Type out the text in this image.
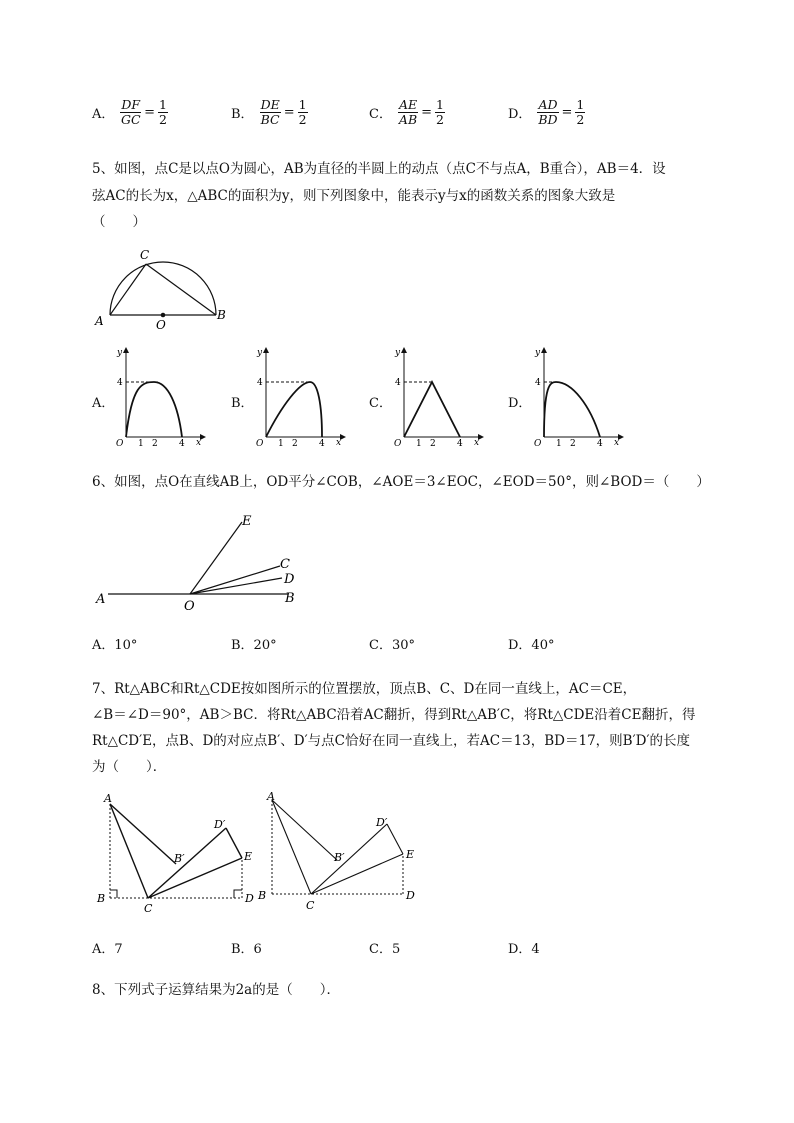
A． $\frac{DF}{GC} = \frac{1}{2}$	B． $\frac{DE}{BC} = \frac{1}{2}$	C． $\frac{AE}{AB} = \frac{1}{2}$	D． $\frac{AD}{BD} = \frac{1}{2}$
5、如图，点C是以点O为圆心，AB为直径的半圆上的动点（点C不与点A，B重合），AB＝4．设
弦AC的长为x，△ABC的面积为y，则下列图象中，能表示y与x的函数关系的图象大致是
（　　）
A	B
C
O
A．	B．	C．	D．
y
x
O
4
1 2 4
y
x
O
4
1 2 4
y
x
O
4
1 2 4
y
x
O
4
1 2 4
6、如图，点O在直线AB上，OD平分∠COB，∠AOE＝3∠EOC，∠EOD＝50°，则∠BOD＝（　　）
A	O
B
E
C
D
A．10°	B．20°	C．30°	D．40°
7、Rt△ABC和Rt△CDE按如图所示的位置摆放，顶点B、C、D在同一直线上，AC＝CE，
∠B＝∠D＝90°，AB＞BC．将Rt△ABC沿着AC翻折，得到Rt△AB′C，将Rt△CDE沿着CE翻折，得
Rt△CD′E，点B、D的对应点B′、D′与点C恰好在同一直线上，若AC＝13，BD＝17，则B′D′的长度
为（　　）．
A
B
C
D
E
B′
D′
A
B
C
D
E
B′
D′
A．7	B．6	C．5	D．4
8、下列式子运算结果为2a的是（　　）．
